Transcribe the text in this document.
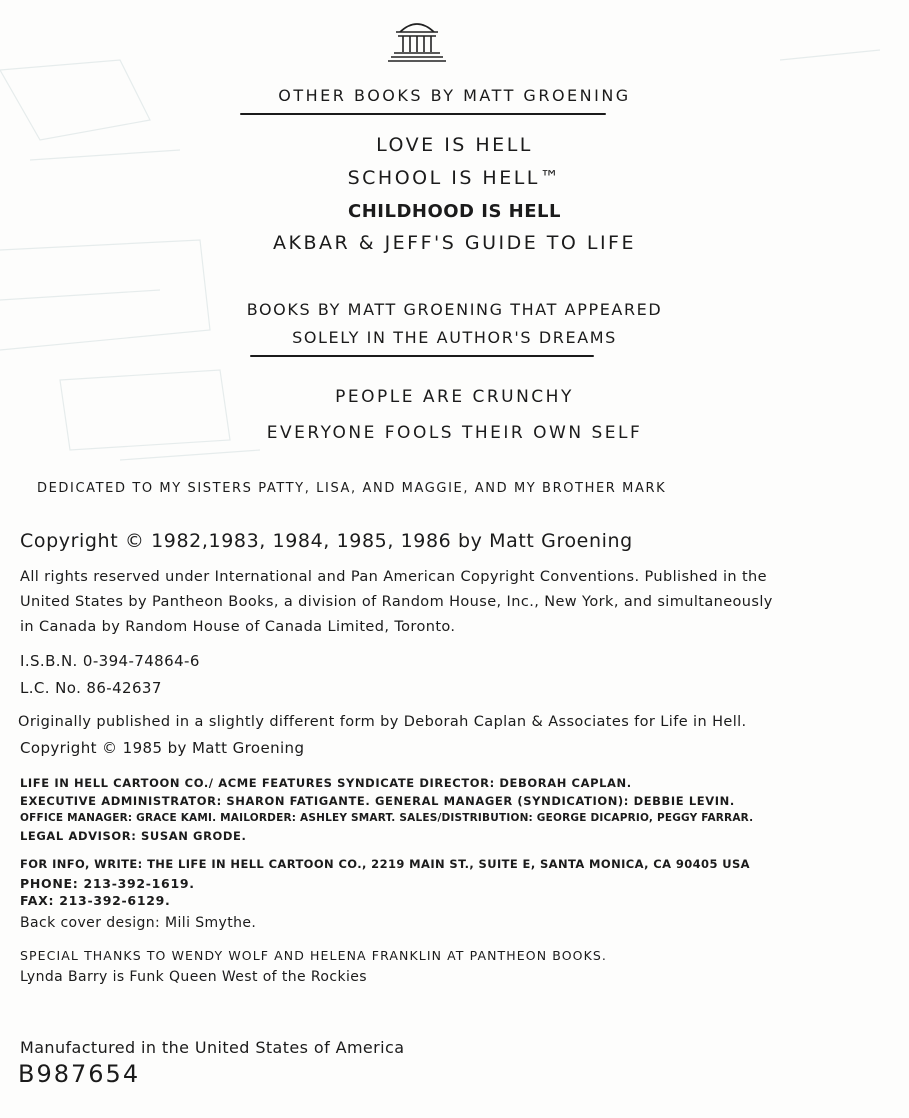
OTHER BOOKS BY MATT GROENING
LOVE IS HELL
SCHOOL IS HELL™
CHILDHOOD IS HELL
AKBAR & JEFF'S GUIDE TO LIFE
BOOKS BY MATT GROENING THAT APPEARED
SOLELY IN THE AUTHOR'S DREAMS
PEOPLE ARE CRUNCHY
EVERYONE FOOLS THEIR OWN SELF
DEDICATED TO MY SISTERS PATTY, LISA, AND MAGGIE, AND MY BROTHER MARK
Copyright © 1982,1983, 1984, 1985, 1986 by Matt Groening
All rights reserved under International and Pan American Copyright Conventions. Published in the
United States by Pantheon Books, a division of Random House, Inc., New York, and simultaneously
in Canada by Random House of Canada Limited, Toronto.
I.S.B.N. 0-394-74864-6
L.C. No. 86-42637
Originally published in a slightly different form by Deborah Caplan & Associates for Life in Hell.
Copyright © 1985 by Matt Groening
LIFE IN HELL CARTOON CO./ ACME FEATURES SYNDICATE DIRECTOR: DEBORAH CAPLAN.
EXECUTIVE ADMINISTRATOR: SHARON FATIGANTE. GENERAL MANAGER (SYNDICATION): DEBBIE LEVIN.
OFFICE MANAGER: GRACE KAMI. MAILORDER: ASHLEY SMART. SALES/DISTRIBUTION: GEORGE DICAPRIO, PEGGY FARRAR.
LEGAL ADVISOR: SUSAN GRODE.
FOR INFO, WRITE: THE LIFE IN HELL CARTOON CO., 2219 MAIN ST., SUITE E, SANTA MONICA, CA 90405 USA
PHONE: 213-392-1619.
FAX: 213-392-6129.
Back cover design: Mili Smythe.
SPECIAL THANKS TO WENDY WOLF AND HELENA FRANKLIN AT PANTHEON BOOKS.
Lynda Barry is Funk Queen West of the Rockies
Manufactured in the United States of America
B987654
